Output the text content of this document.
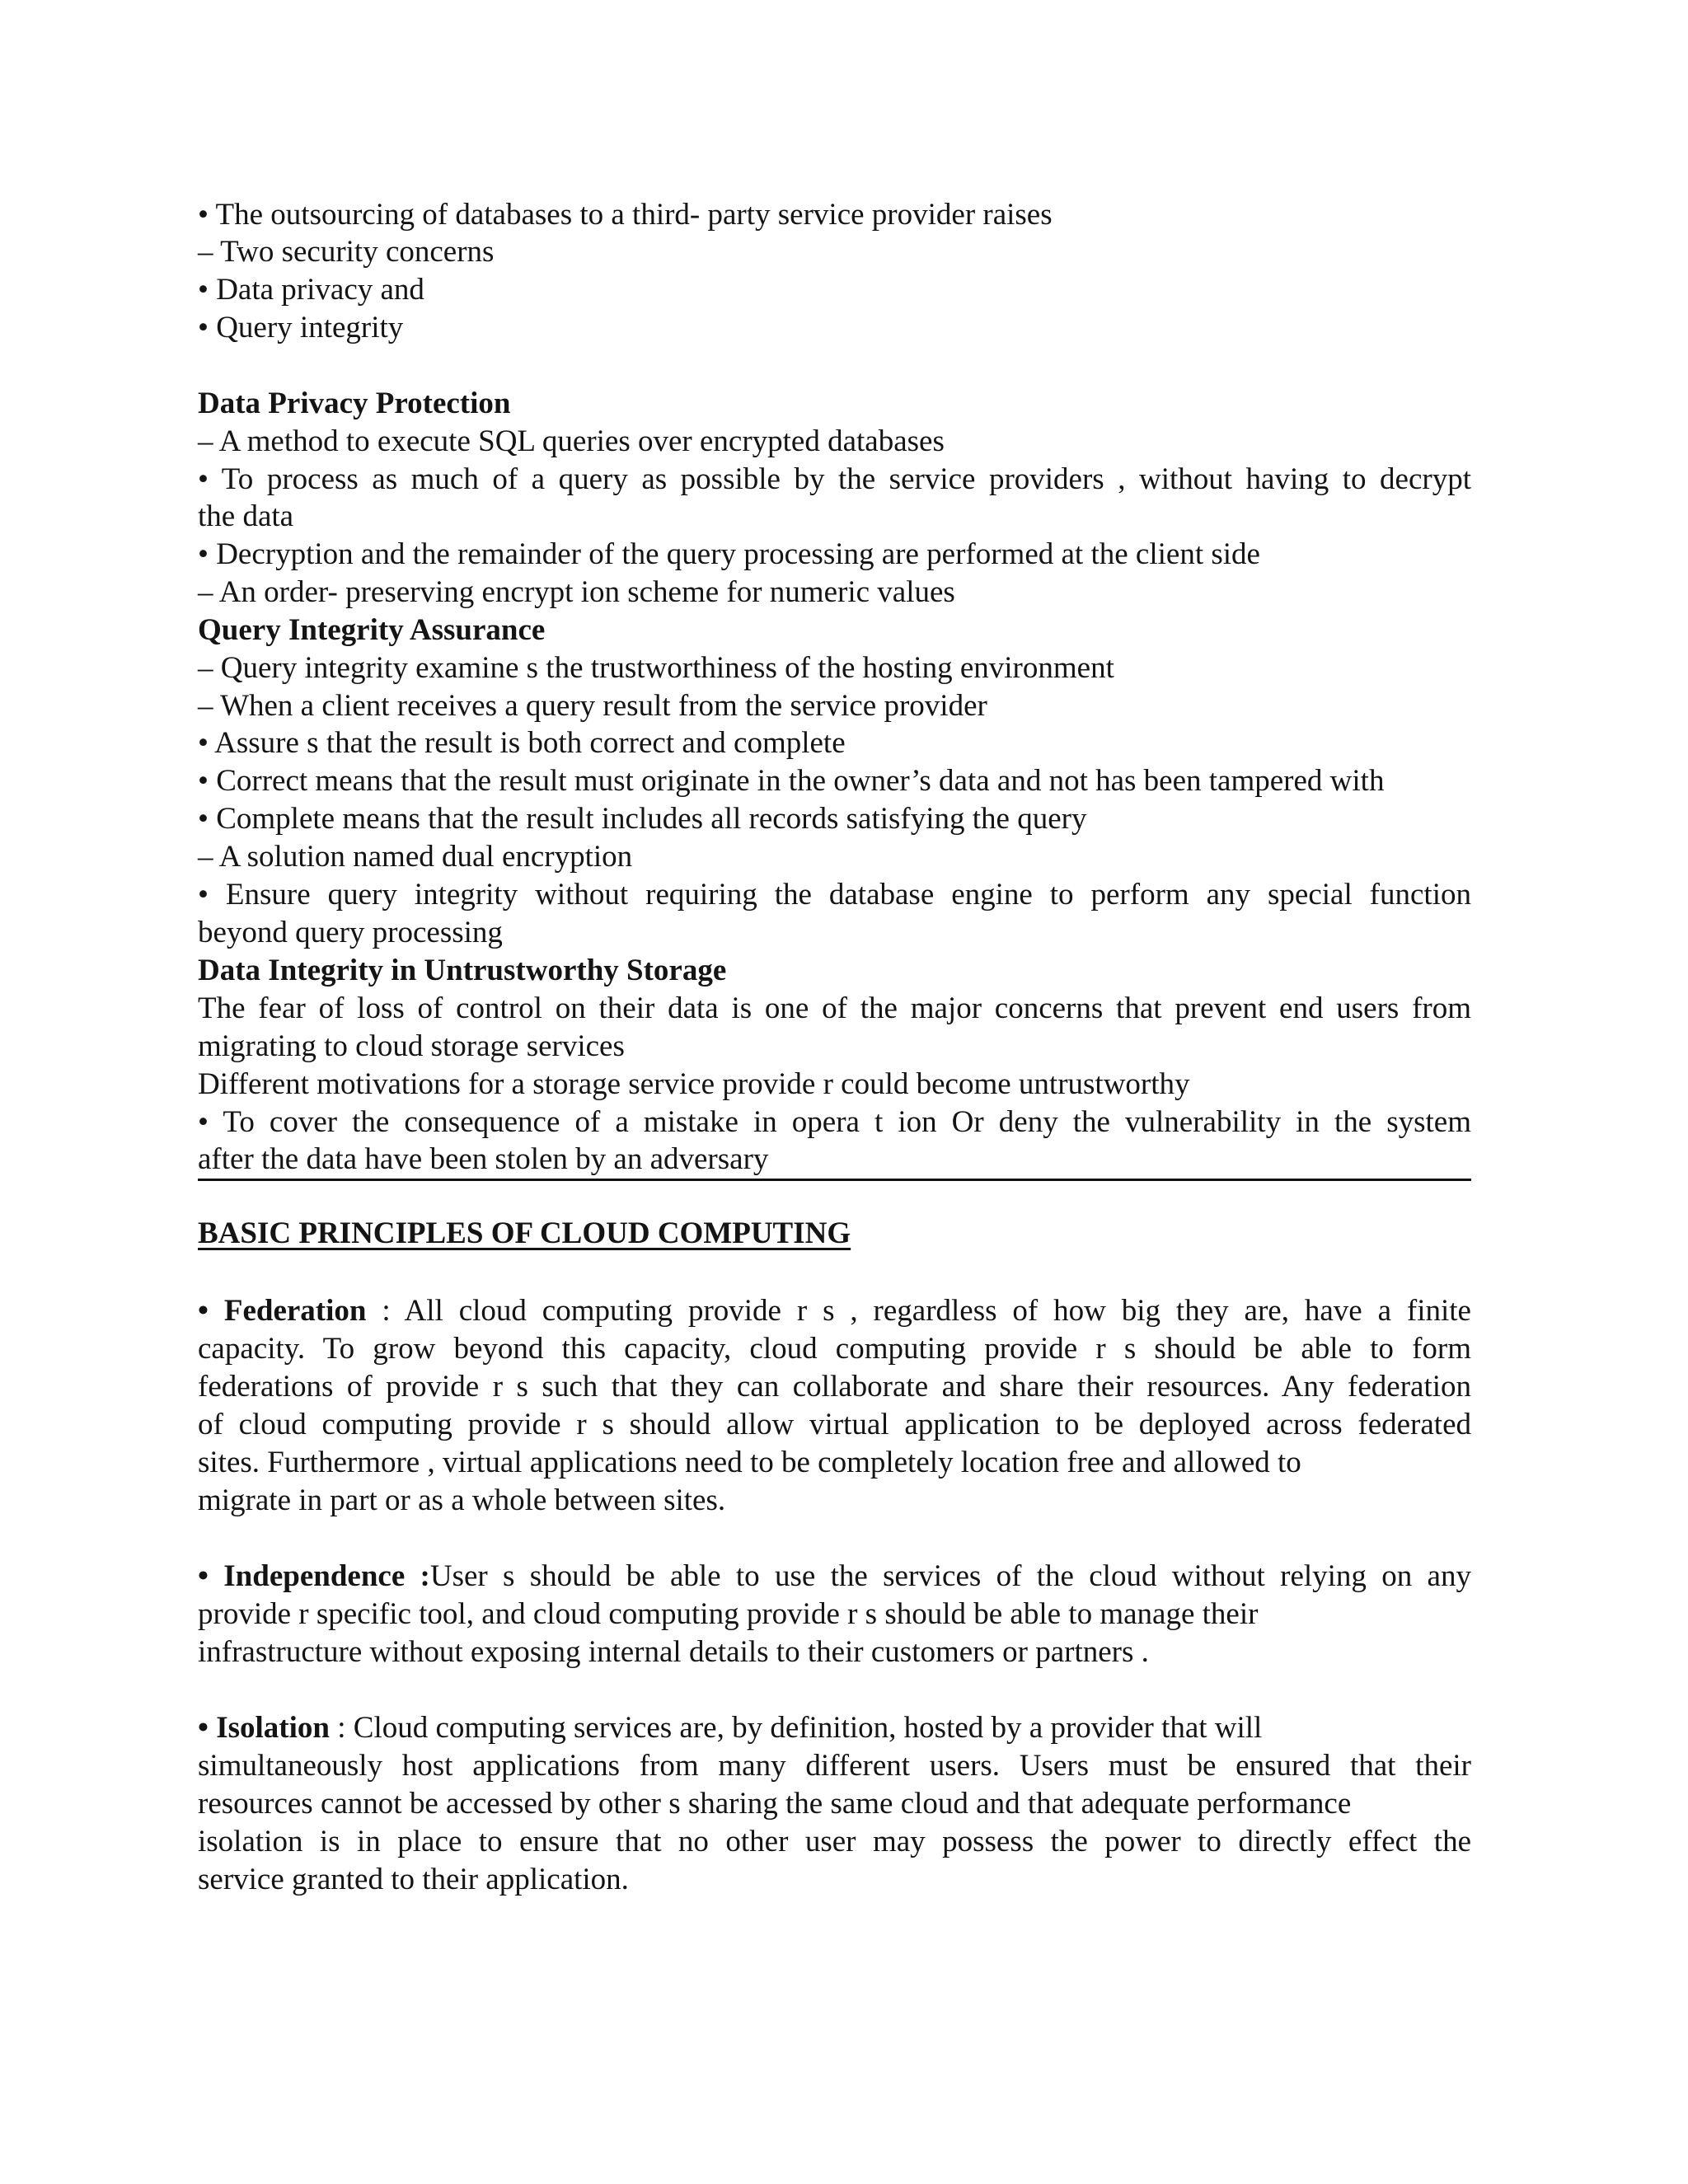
• The outsourcing of databases to a third- party service provider raises
– Two security concerns
• Data privacy and
• Query integrity
Data Privacy Protection
– A method to execute SQL queries over encrypted databases
• To process as much of a query as possible by the service providers , without having to decrypt
the data
• Decryption and the remainder of the query processing are performed at the client side
– An order- preserving encrypt ion scheme for numeric values
Query Integrity Assurance
– Query integrity examine s the trustworthiness of the hosting environment
– When a client receives a query result from the service provider
• Assure s that the result is both correct and complete
• Correct means that the result must originate in the owner’s data and not has been tampered with
• Complete means that the result includes all records satisfying the query
– A solution named dual encryption
• Ensure query integrity without requiring the database engine to perform any special function
beyond query processing
Data Integrity in Untrustworthy Storage
The fear of loss of control on their data is one of the major concerns that prevent end users from
migrating to cloud storage services
Different motivations for a storage service provide r could become untrustworthy
• To cover the consequence of a mistake in opera t ion Or deny the vulnerability in the system
after the data have been stolen by an adversary
BASIC PRINCIPLES OF CLOUD COMPUTING
• Federation : All cloud computing provide r s , regardless of how big they are, have a finite
capacity. To grow beyond this capacity, cloud computing provide r s should be able to form
federations of provide r s such that they can collaborate and share their resources. Any federation
of cloud computing provide r s should allow virtual application to be deployed across federated
sites. Furthermore , virtual applications need to be completely location free and allowed to
migrate in part or as a whole between sites.
• Independence :User s should be able to use the services of the cloud without relying on any
provide r specific tool, and cloud computing provide r s should be able to manage their
infrastructure without exposing internal details to their customers or partners .
• Isolation : Cloud computing services are, by definition, hosted by a provider that will
simultaneously host applications from many different users. Users must be ensured that their
resources cannot be accessed by other s sharing the same cloud and that adequate performance
isolation is in place to ensure that no other user may possess the power to directly effect the
service granted to their application.
